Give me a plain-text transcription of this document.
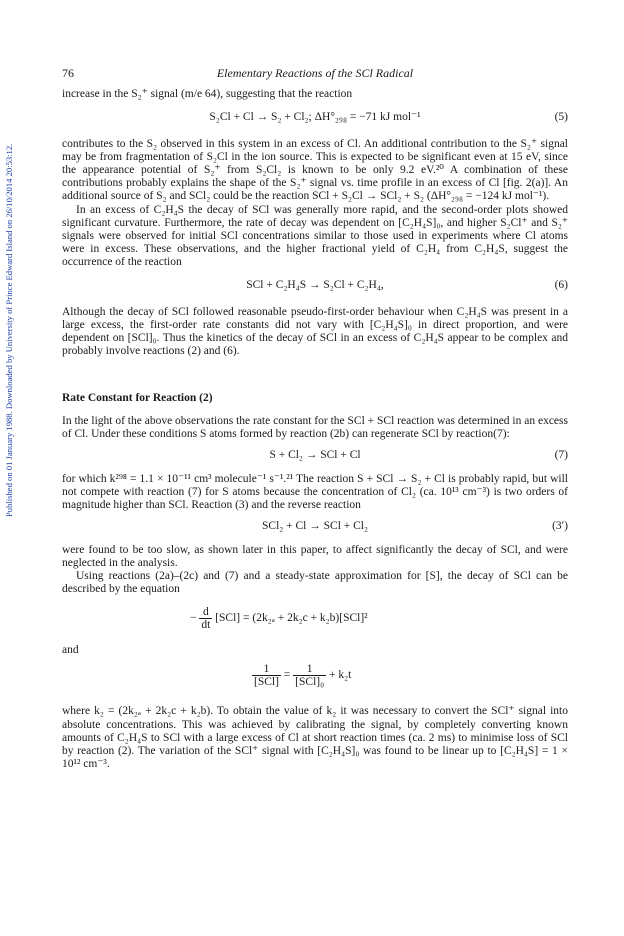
Published on 01 January 1988. Downloaded by University of Prince Edward Island on 26/10/2014 20:53:12.
76	Elementary Reactions of the SCl Radical

increase in the S₂⁺ signal (m/e 64), suggesting that the reaction

S₂Cl + Cl → S₂ + Cl₂; ΔH°₂₉₈ = −71 kJ mol⁻¹	(5)

contributes to the S₂ observed in this system in an excess of Cl. An additional contribution to the S₂⁺ signal may be from fragmentation of S₂Cl in the ion source. This is expected to be significant even at 15 eV, since the appearance potential of S₂⁺ from S₂Cl₂ is known to be only 9.2 eV.²⁰ A combination of these contributions probably explains the shape of the S₂⁺ signal vs. time profile in an excess of Cl [fig. 2(a)]. An additional source of S₂ and SCl₂ could be the reaction SCl + S₂Cl → SCl₂ + S₂ (ΔH°₂₉₈ = −124 kJ mol⁻¹).

In an excess of C₂H₄S the decay of SCl was generally more rapid, and the second-order plots showed significant curvature. Furthermore, the rate of decay was dependent on [C₂H₄S]₀, and higher S₂Cl⁺ and S₂⁺ signals were observed for initial SCl concentrations similar to those used in experiments where Cl atoms were in excess. These observations, and the higher fractional yield of C₂H₄ from C₂H₄S, suggest the occurrence of the reaction

SCl + C₂H₄S → S₂Cl + C₂H₄,	(6)

Although the decay of SCl followed reasonable pseudo-first-order behaviour when C₂H₄S was present in a large excess, the first-order rate constants did not vary with [C₂H₄S]₀ in direct proportion, and were dependent on [SCl]₀. Thus the kinetics of the decay of SCl in an excess of C₂H₄S appear to be complex and probably involve reactions (2) and (6).

Rate Constant for Reaction (2)

In the light of the above observations the rate constant for the SCl + SCl reaction was determined in an excess of Cl. Under these conditions S atoms formed by reaction (2b) can regenerate SCl by reaction(7):

S + Cl₂ → SCl + Cl	(7)

for which k²⁹⁸ = 1.1 × 10⁻¹¹ cm³ molecule⁻¹ s⁻¹.²¹ The reaction S + SCl → S₂ + Cl is probably rapid, but will not compete with reaction (7) for S atoms because the concentration of Cl₂ (ca. 10¹³ cm⁻³) is two orders of magnitude higher than SCl. Reaction (3) and the reverse reaction

SCl₂ + Cl → SCl + Cl₂	(3′)

were found to be too slow, as shown later in this paper, to affect significantly the decay of SCl, and were neglected in the analysis.

Using reactions (2a)–(2c) and (7) and a steady-state approximation for [S], the decay of SCl can be described by the equation

− $\frac{d}{dt} [SCl] = (2k_{2a} + 2k_2c + k_2b)[SCl]^2$

and

$\frac{1}{\text{[SCl]}} = \frac{1}{\text{[SCl]₀}} + k_2t$

where k₂ = (2k₂ₐ + 2k₂c + k₂b). To obtain the value of k₂ it was necessary to convert the SCl⁺ signal into absolute concentrations. This was achieved by calibrating the signal, by completely converting known amounts of C₂H₄S to SCl with a large excess of Cl at short reaction times (ca. 2 ms) to minimise loss of SCl by reaction (2). The variation of the SCl⁺ signal with [C₂H₄S]₀ was found to be linear up to [C₂H₄S] = 1 × 10¹² cm⁻³.
